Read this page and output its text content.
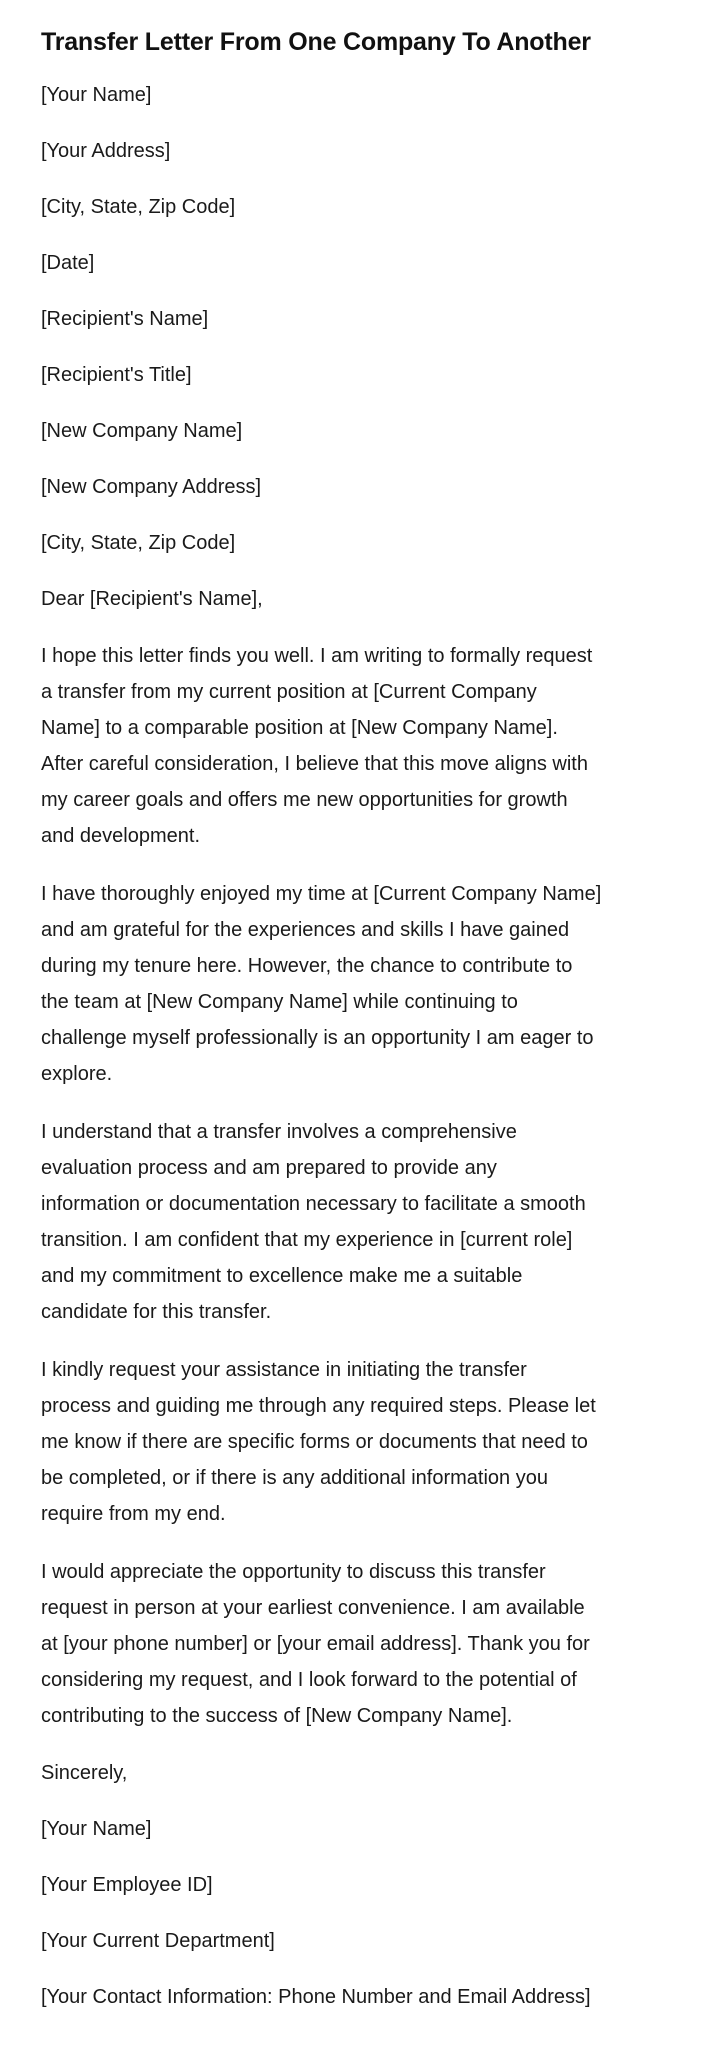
Transfer Letter From One Company To Another

[Your Name]

[Your Address]

[City, State, Zip Code]

[Date]

[Recipient's Name]

[Recipient's Title]

[New Company Name]

[New Company Address]

[City, State, Zip Code]

Dear [Recipient's Name],

I hope this letter finds you well. I am writing to formally request
a transfer from my current position at [Current Company
Name] to a comparable position at [New Company Name].
After careful consideration, I believe that this move aligns with
my career goals and offers me new opportunities for growth
and development.
I have thoroughly enjoyed my time at [Current Company Name]
and am grateful for the experiences and skills I have gained
during my tenure here. However, the chance to contribute to
the team at [New Company Name] while continuing to
challenge myself professionally is an opportunity I am eager to
explore.
I understand that a transfer involves a comprehensive
evaluation process and am prepared to provide any
information or documentation necessary to facilitate a smooth
transition. I am confident that my experience in [current role]
and my commitment to excellence make me a suitable
candidate for this transfer.
I kindly request your assistance in initiating the transfer
process and guiding me through any required steps. Please let
me know if there are specific forms or documents that need to
be completed, or if there is any additional information you
require from my end.
I would appreciate the opportunity to discuss this transfer
request in person at your earliest convenience. I am available
at [your phone number] or [your email address]. Thank you for
considering my request, and I look forward to the potential of
contributing to the success of [New Company Name].

Sincerely,

[Your Name]

[Your Employee ID]

[Your Current Department]

[Your Contact Information: Phone Number and Email Address]
